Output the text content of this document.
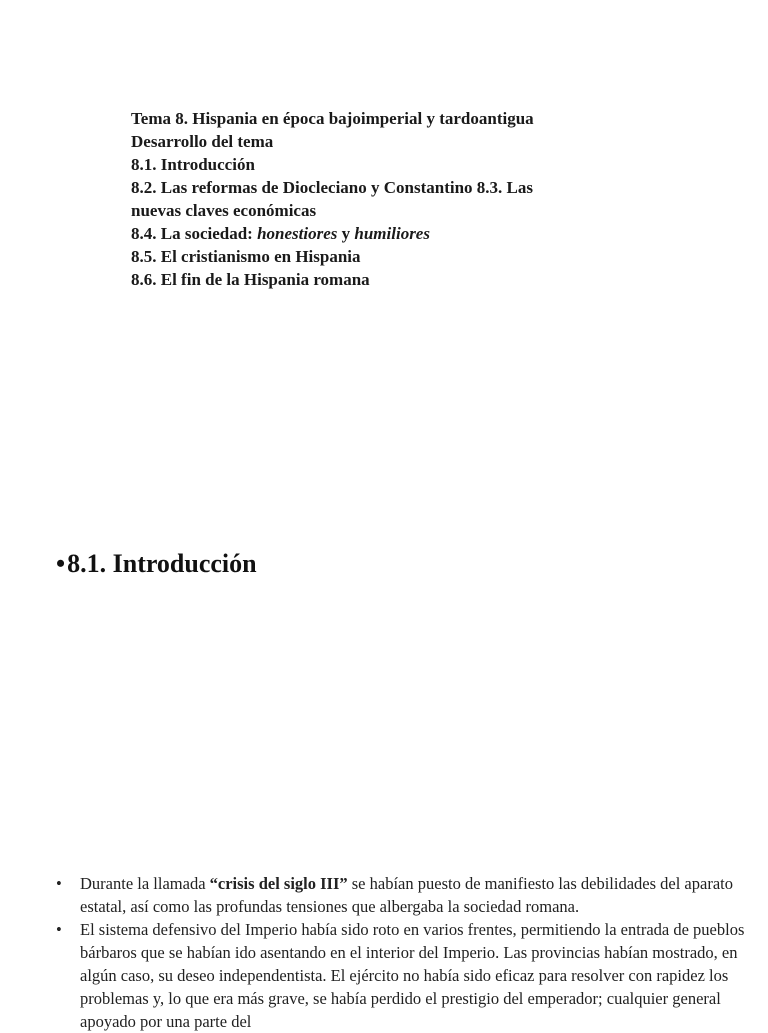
Tema 8. Hispania en época bajoimperial y tardoantigua
Desarrollo del tema
8.1. Introducción
8.2. Las reformas de Diocleciano y Constantino 8.3. Las
nuevas claves económicas
8.4. La sociedad: honestiores y humiliores
8.5. El cristianismo en Hispania
8.6. El fin de la Hispania romana
•8.1. Introducción
• Durante la llamada “crisis del siglo III” se habían puesto de manifiesto las debilidades del aparato estatal, así como las profundas tensiones que albergaba la sociedad romana.
• El sistema defensivo del Imperio había sido roto en varios frentes, permitiendo la entrada de pueblos bárbaros que se habían ido asentando en el interior del Imperio. Las provincias habían mostrado, en algún caso, su deseo independentista. El ejército no había sido eficaz para resolver con rapidez los problemas y, lo que era más grave, se había perdido el prestigio del emperador; cualquier general apoyado por una parte del
